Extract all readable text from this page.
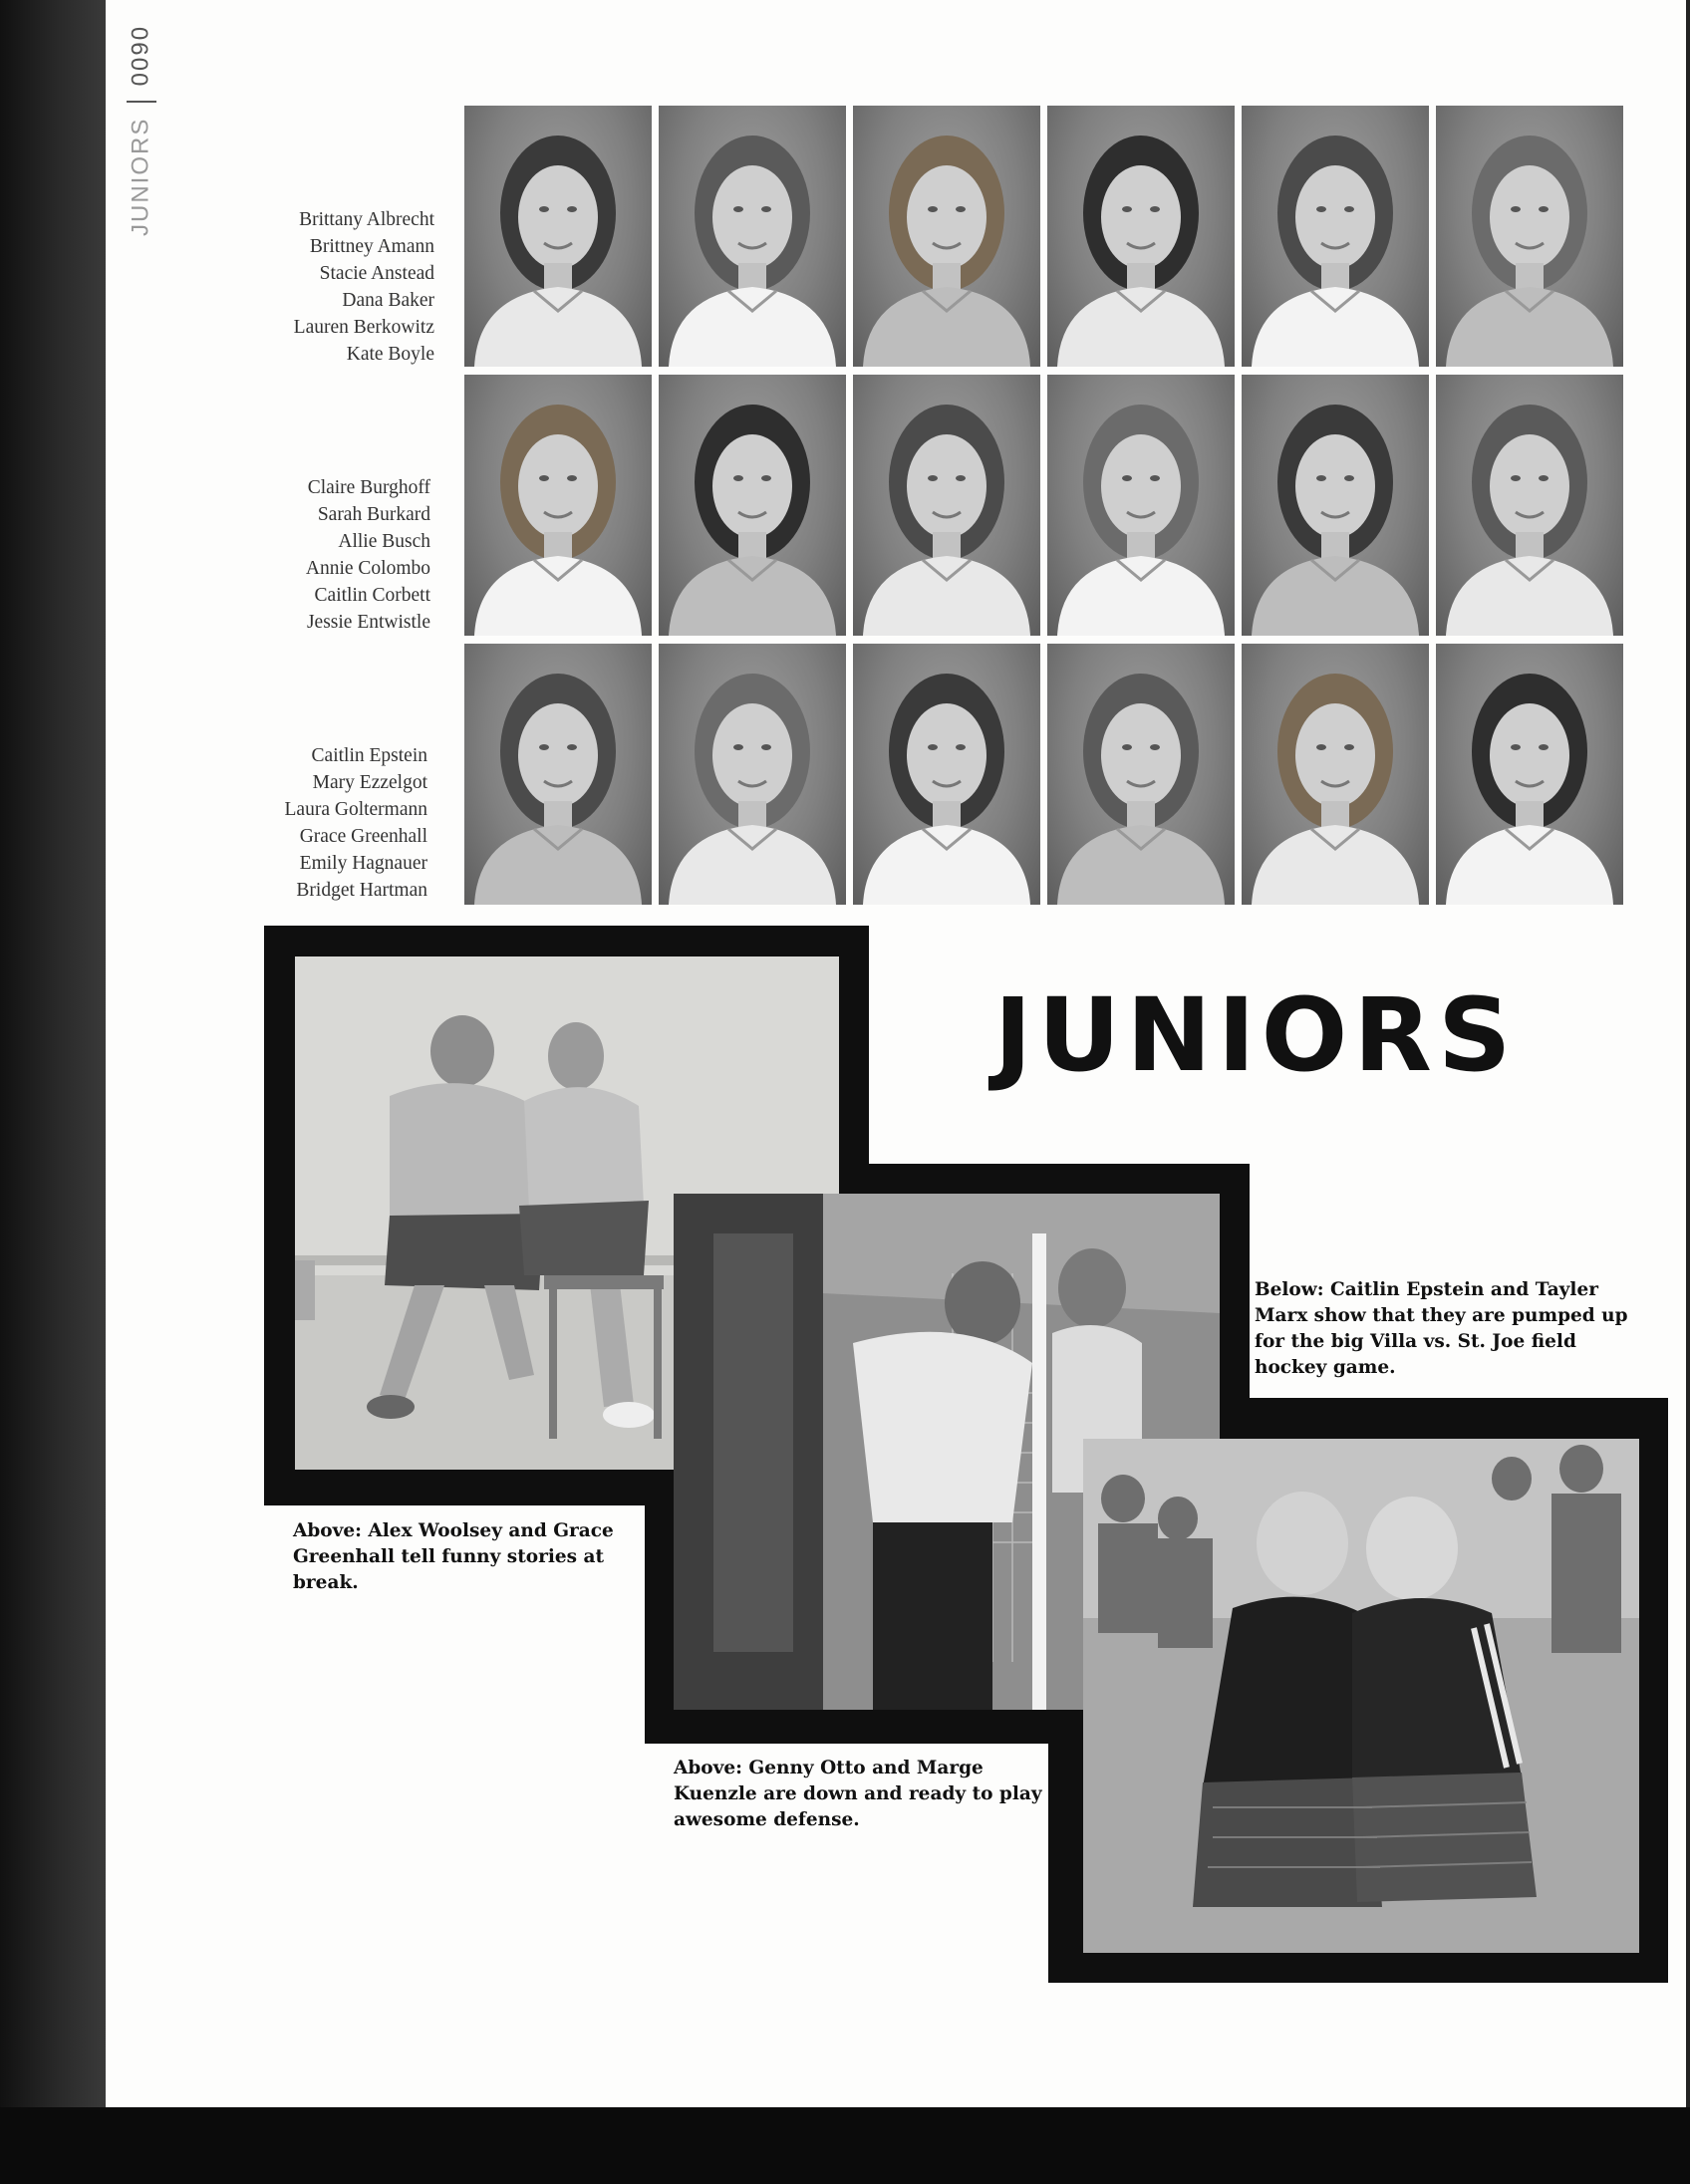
JUNIORS  0090
Brittany Albrecht
Brittney Amann
Stacie Anstead
Dana Baker
Lauren Berkowitz
Kate Boyle
Claire Burghoff
Sarah Burkard
Allie Busch
Annie Colombo
Caitlin Corbett
Jessie Entwistle
Caitlin Epstein
Mary Ezzelgot
Laura Goltermann
Grace Greenhall
Emily Hagnauer
Bridget Hartman
JUNIORS
Above: Alex Woolsey and Grace Greenhall tell funny stories at break.
Above: Genny Otto and Marge Kuenzle are down and ready to play awesome defense.
Below: Caitlin Epstein and Tayler Marx show that they are pumped up for the big Villa vs. St. Joe field hockey game.
